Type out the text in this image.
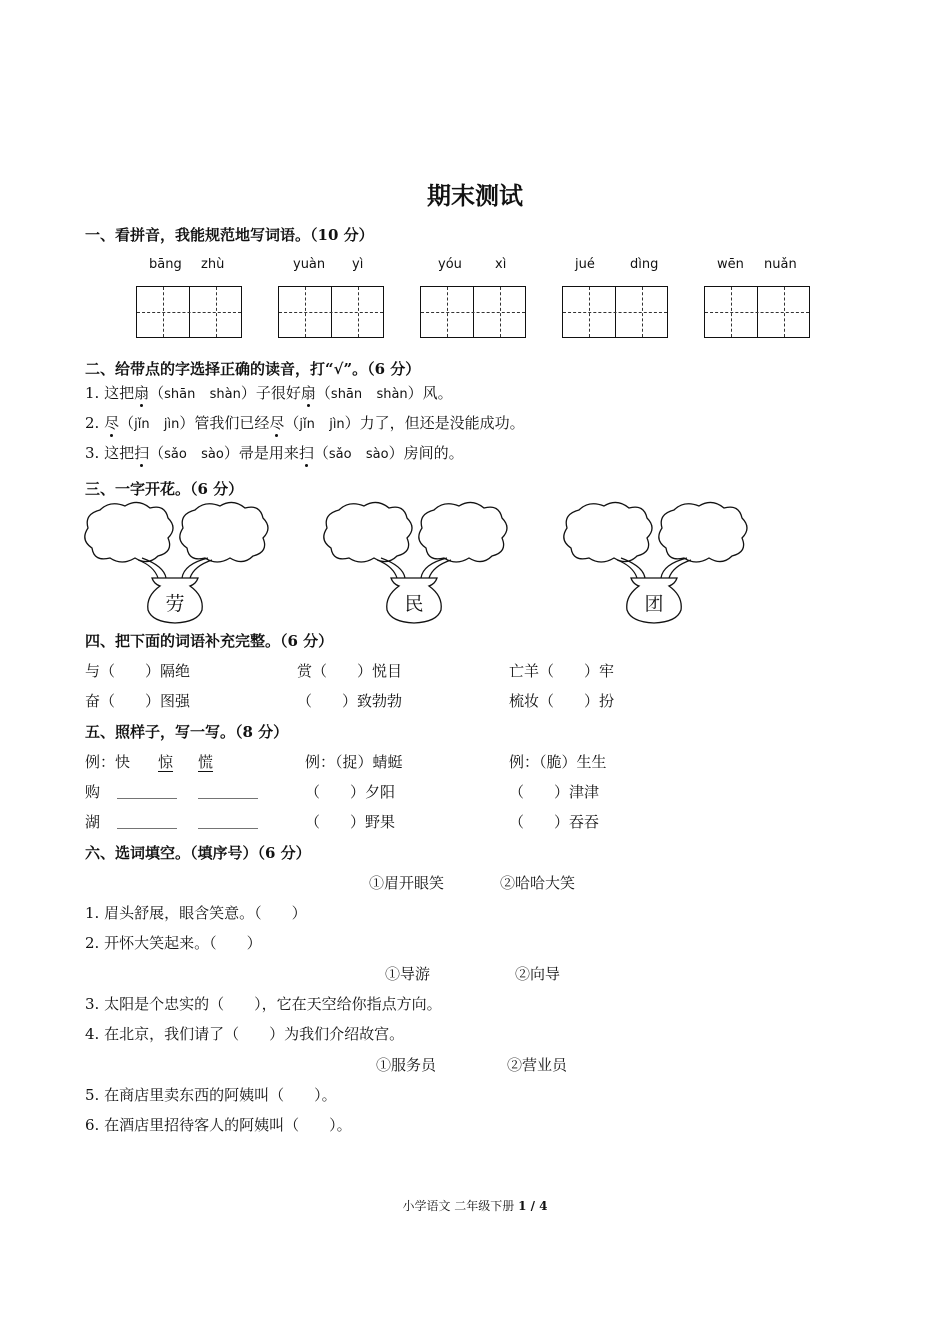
期末测试
一、看拼音，我能规范地写词语。（10 分）
bāng zhù	yuàn yì	yóu	xì	jué	dìng	wēn nuǎn
二、给带点的字选择正确的读音，打“√”。（6 分）
1. 这把扇（shān shàn）子很好扇（shān shàn）风。
2. 尽（jǐn jìn）管我们已经尽（jǐn jìn）力了，但还是没能成功。
3. 这把扫（sǎo sào）帚是用来扫（sǎo sào）房间的。
三、一字开花。（6 分）
劳	民	团
四、把下面的词语补充完整。（6 分）
与（　　）隔绝	赏（　　）悦目	亡羊（　　）牢
奋（　　）图强	（　　）致勃勃	梳妆（　　）扮
五、照样子，写一写。（8 分）
例：快 惊 慌	例：（捉）蜻蜓	例：（脆）生生
购 ________ ________	（　　）夕阳	（　　）津津
湖 ________ ________	（　　）野果	（　　）吞吞
六、选词填空。（填序号）（6 分）
①眉开眼笑	②哈哈大笑
1. 眉头舒展，眼含笑意。（　　）
2. 开怀大笑起来。（　　）
①导游	②向导
3. 太阳是个忠实的（　　），它在天空给你指点方向。
4. 在北京，我们请了（　　）为我们介绍故宫。
①服务员	②营业员
5. 在商店里卖东西的阿姨叫（　　）。
6. 在酒店里招待客人的阿姨叫（　　）。
小学语文 二年级下册 1 / 4
